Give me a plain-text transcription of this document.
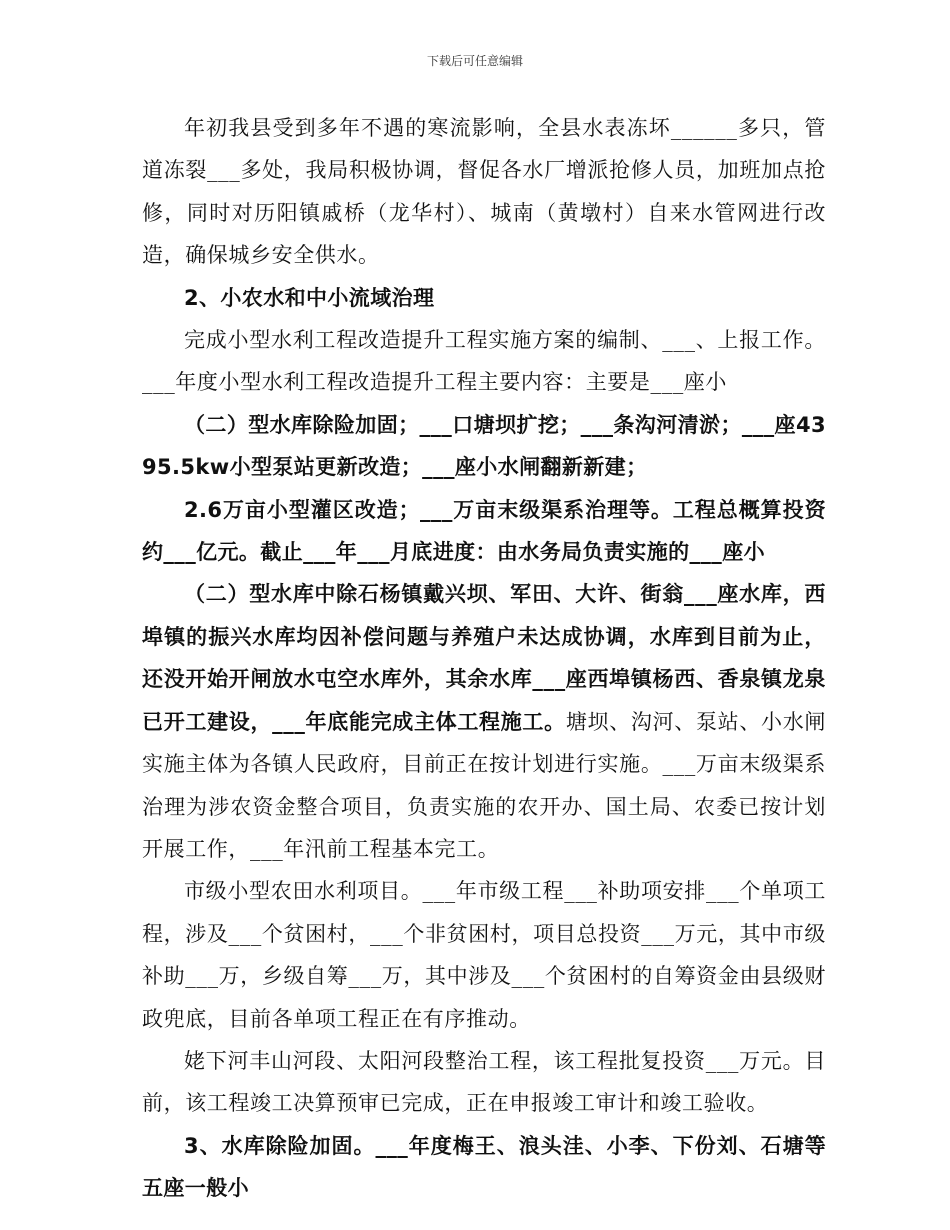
下载后可任意编辑

年初我县受到多年不遇的寒流影响，全县水表冻坏______多只，管道冻裂___多处，我局积极协调，督促各水厂增派抢修人员，加班加点抢修，同时对历阳镇戚桥（龙华村）、城南（黄墩村）自来水管网进行改造，确保城乡安全供水。

2、小农水和中小流域治理

完成小型水利工程改造提升工程实施方案的编制、___、上报工作。___年度小型水利工程改造提升工程主要内容：主要是___座小

（二）型水库除险加固；___口塘坝扩挖；___条沟河清淤；___座4395.5kw小型泵站更新改造；___座小水闸翻新新建；

2.6万亩小型灌区改造；___万亩末级渠系治理等。工程总概算投资约___亿元。截止___年___月底进度：由水务局负责实施的___座小

（二）型水库中除石杨镇戴兴坝、军田、大许、街翁___座水库，西埠镇的振兴水库均因补偿问题与养殖户未达成协调，水库到目前为止，还没开始开闸放水屯空水库外，其余水库___座西埠镇杨西、香泉镇龙泉已开工建设，___年底能完成主体工程施工。塘坝、沟河、泵站、小水闸实施主体为各镇人民政府，目前正在按计划进行实施。___万亩末级渠系治理为涉农资金整合项目，负责实施的农开办、国土局、农委已按计划开展工作，___年汛前工程基本完工。

市级小型农田水利项目。___年市级工程___补助项安排___个单项工程，涉及___个贫困村，___个非贫困村，项目总投资___万元，其中市级补助___万，乡级自筹___万，其中涉及___个贫困村的自筹资金由县级财政兜底，目前各单项工程正在有序推动。

姥下河丰山河段、太阳河段整治工程，该工程批复投资___万元。目前，该工程竣工决算预审已完成，正在申报竣工审计和竣工验收。

3、水库除险加固。___年度梅王、浪头洼、小李、下份刘、石塘等五座一般小
